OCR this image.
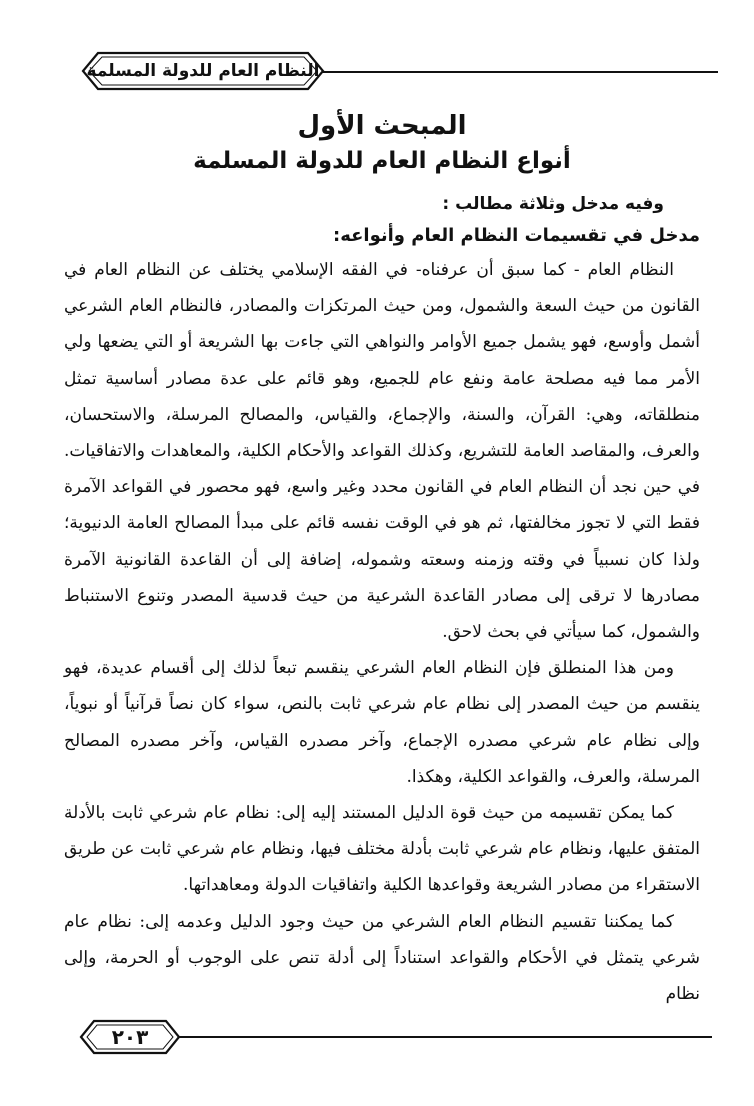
النظام العام للدولة المسلمة
المبحث الأول
أنواع النظام العام للدولة المسلمة
وفيه مدخل وثلاثة مطالب :
مدخل في تقسيمات النظام العام وأنواعه:

النظام العام - كما سبق أن عرفناه- في الفقه الإسلامي يختلف عن النظام العام في القانون من حيث السعة والشمول، ومن حيث المرتكزات والمصادر، فالنظام العام الشرعي أشمل وأوسع، فهو يشمل جميع الأوامر والنواهي التي جاءت بها الشريعة أو التي يضعها ولي الأمر مما فيه مصلحة عامة ونفع عام للجميع، وهو قائم على عدة مصادر أساسية تمثل منطلقاته، وهي: القرآن، والسنة، والإجماع، والقياس، والمصالح المرسلة، والاستحسان، والعرف، والمقاصد العامة للتشريع، وكذلك القواعد والأحكام الكلية، والمعاهدات والاتفاقيات. في حين نجد أن النظام العام في القانون محدد وغير واسع، فهو محصور في القواعد الآمرة فقط التي لا تجوز مخالفتها، ثم هو في الوقت نفسه قائم على مبدأ المصالح العامة الدنيوية؛ ولذا كان نسبياً في وقته وزمنه وسعته وشموله، إضافة إلى أن القاعدة القانونية الآمرة مصادرها لا ترقى إلى مصادر القاعدة الشرعية من حيث قدسية المصدر وتنوع الاستنباط والشمول، كما سيأتي في بحث لاحق.

ومن هذا المنطلق فإن النظام العام الشرعي ينقسم تبعاً لذلك إلى أقسام عديدة، فهو ينقسم من حيث المصدر إلى نظام عام شرعي ثابت بالنص، سواء كان نصاً قرآنياً أو نبوياً، وإلى نظام عام شرعي مصدره الإجماع، وآخر مصدره القياس، وآخر مصدره المصالح المرسلة، والعرف، والقواعد الكلية، وهكذا.

كما يمكن تقسيمه من حيث قوة الدليل المستند إليه إلى: نظام عام شرعي ثابت بالأدلة المتفق عليها، ونظام عام شرعي ثابت بأدلة مختلف فيها، ونظام عام شرعي ثابت عن طريق الاستقراء من مصادر الشريعة وقواعدها الكلية واتفاقيات الدولة ومعاهداتها.

كما يمكننا تقسيم النظام العام الشرعي من حيث وجود الدليل وعدمه إلى: نظام عام شرعي يتمثل في الأحكام والقواعد استناداً إلى أدلة تنص على الوجوب أو الحرمة، وإلى نظام

٢٠٣
